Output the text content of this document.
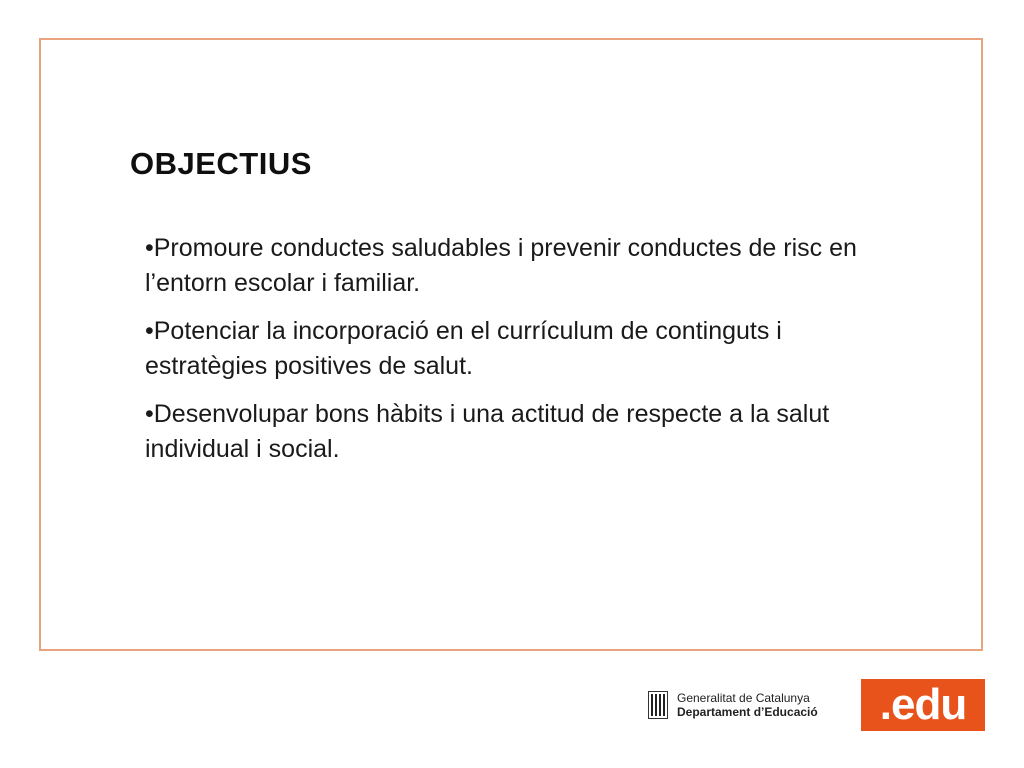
OBJECTIUS
•Promoure conductes saludables i prevenir conductes de risc en l’entorn escolar i familiar.
•Potenciar la incorporació en el currículum de continguts i estratègies positives de salut.
•Desenvolupar bons hàbits i una actitud de respecte a la salut individual i social.
Generalitat de Catalunya
Departament d’Educació	.edu
